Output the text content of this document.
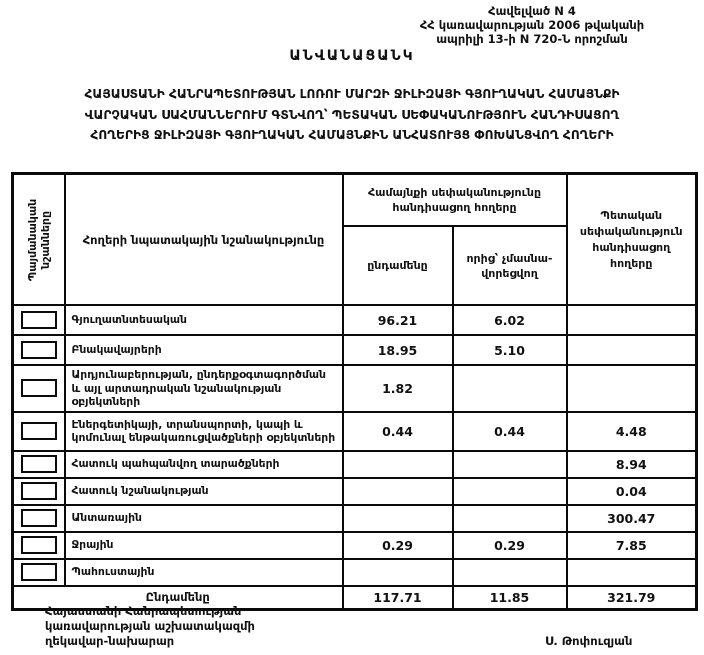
Հավելված N 4
ՀՀ կառավարության 2006 թվականի
ապրիլի 13-ի N 720-Ն որոշման
ԱՆՎԱՆԱՑԱՆԿ
ՀԱՅԱՍՏԱՆԻ ՀԱՆՐԱՊԵՏՈՒԹՅԱՆ ԼՈՌՈՒ ՄԱՐԶԻ ՋԻԼԻԶԱՅԻ ԳՅՈՒՂԱԿԱՆ ՀԱՄԱՅՆՔԻ
ՎԱՐՉԱԿԱՆ ՍԱՀՄԱՆՆԵՐՈՒՄ ԳՏՆՎՈՂ՝ ՊԵՏԱԿԱՆ ՍԵՓԱԿԱՆՈՒԹՅՈՒՆ ՀԱՆԴԻՍԱՑՈՂ
ՀՈՂԵՐԻՑ ՋԻԼԻԶԱՅԻ ԳՅՈՒՂԱԿԱՆ ՀԱՄԱՅՆՔԻՆ ԱՆՀԱՏՈՒՅՑ ՓՈԽԱՆՑՎՈՂ ՀՈՂԵՐԻ
Պայմանական նշանները	Հողերի նպատակային նշանակությունը	Համայնքի սեփականությունը հանդիսացող հողերը		Պետական սեփականություն հանդիսացող հողերը
		ընդամենը	որից՝ չմասնավորեցվող	

	Գյուղատնտեսական	96.21	6.02	

	Բնակավայրերի	18.95	5.10	

	Արդյունաբերության, ընդերքօգտագործման և այլ արտադրական նշանակության օբյեկտների	1.82		

	Էներգետիկայի, տրանսպորտի, կապի և կոմունալ ենթակառուցվածքների օբյեկտների	0.44	0.44	4.48

	Հատուկ պահպանվող տարածքների			8.94

	Հատուկ նշանակության			0.04

	Անտառային			300.47

	Ջրային	0.29	0.29	7.85

	Պահուստային			
Ընդամենը		117.71	11.85	321.79
Հայաստանի Հանրապետության
կառավարության աշխատակազմի
ղեկավար-նախարար	Ս. Թոփուզյան
